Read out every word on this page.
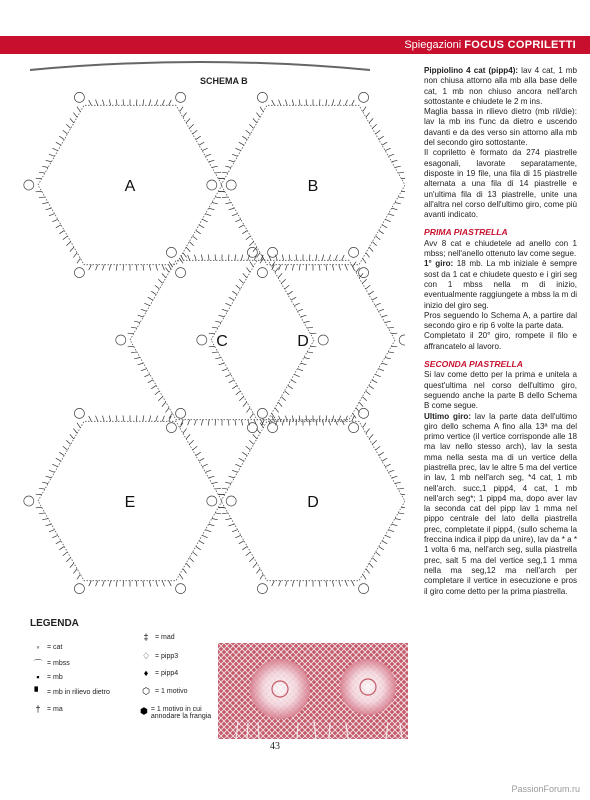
Spiegazioni FOCUS COPRILETTI
A	B
C	D
E	D
SCHEMA B

Pippiolino 4 cat (pipp4): lav 4 cat, 1 mb non chiusa attorno alla mb alla base delle cat, 1 mb non chiuso ancora nell'arch sottostante e chiudete le 2 m ins.

Maglia bassa in rilievo dietro (mb ril/die): lav la mb ins f'unc da dietro e uscendo davanti e da des verso sin attorno alla mb del secondo giro sottostante.

Il copriletto è formato da 274 piastrelle esagonali, lavorate separatamente, disposte in 19 file, una fila di 15 piastrelle alternata a una fila di 14 piastrelle e un'ultima fila di 13 piastrelle, unite una all'altra nel corso dell'ultimo giro, come più avanti indicato.

PRIMA PIASTRELLA

Avv 8 cat e chiudetele ad anello con 1 mbss; nell'anello ottenuto lav come segue.

1° giro: 18 mb. La mb iniziale è sempre sost da 1 cat e chiudete questo e i giri seg con 1 mbss nella m di inizio, eventualmente raggiungete a mbss la m di inizio del giro seg.

Pros seguendo lo Schema A, a partire dal secondo giro e rip 6 volte la parte data.

Completato il 20° giro, rompete il filo e affrancatelo al lavoro.

SECONDA PIASTRELLA

Si lav come detto per la prima e unitela a quest'ultima nel corso dell'ultimo giro, seguendo anche la parte B dello Schema B come segue.

Ultimo giro: lav la parte data dell'ultimo giro dello schema A fino alla 13ª ma del primo vertice (il vertice corrisponde alle 18 ma lav nello stesso arch), lav la sesta mma nella sesta ma di un vertice della piastrella prec, lav le altre 5 ma del vertice in lav, 1 mb nell'arch seg, *4 cat, 1 mb nell'arch. succ,1 pipp4, 4 cat, 1 mb nell'arch seg*; 1 pipp4 ma, dopo aver lav la seconda cat del pipp lav 1 mma nel pippo centrale del lato della piastrella prec, completate il pipp4, (sullo schema la freccina indica il pipp da unire), lav da * a * 1 volta 6 ma, nell'arch seg, sulla piastrella prec, salt 5 ma del vertice seg,1 1 mma nella ma seg,12 ma nell'arch per completare il vertice in esecuzione e pros il giro come detto per la prima piastrella.

LEGENDA
◦	= cat
⌒ = mbss
▪	= mb
▘ = mb in rilievo dietro
† = ma
‡ = mad
♢ = pipp3
♦ = pipp4
⬡ = 1 motivo
⬢ = 1 motivo in cui annodare la frangia
43
PassionForum.ru
